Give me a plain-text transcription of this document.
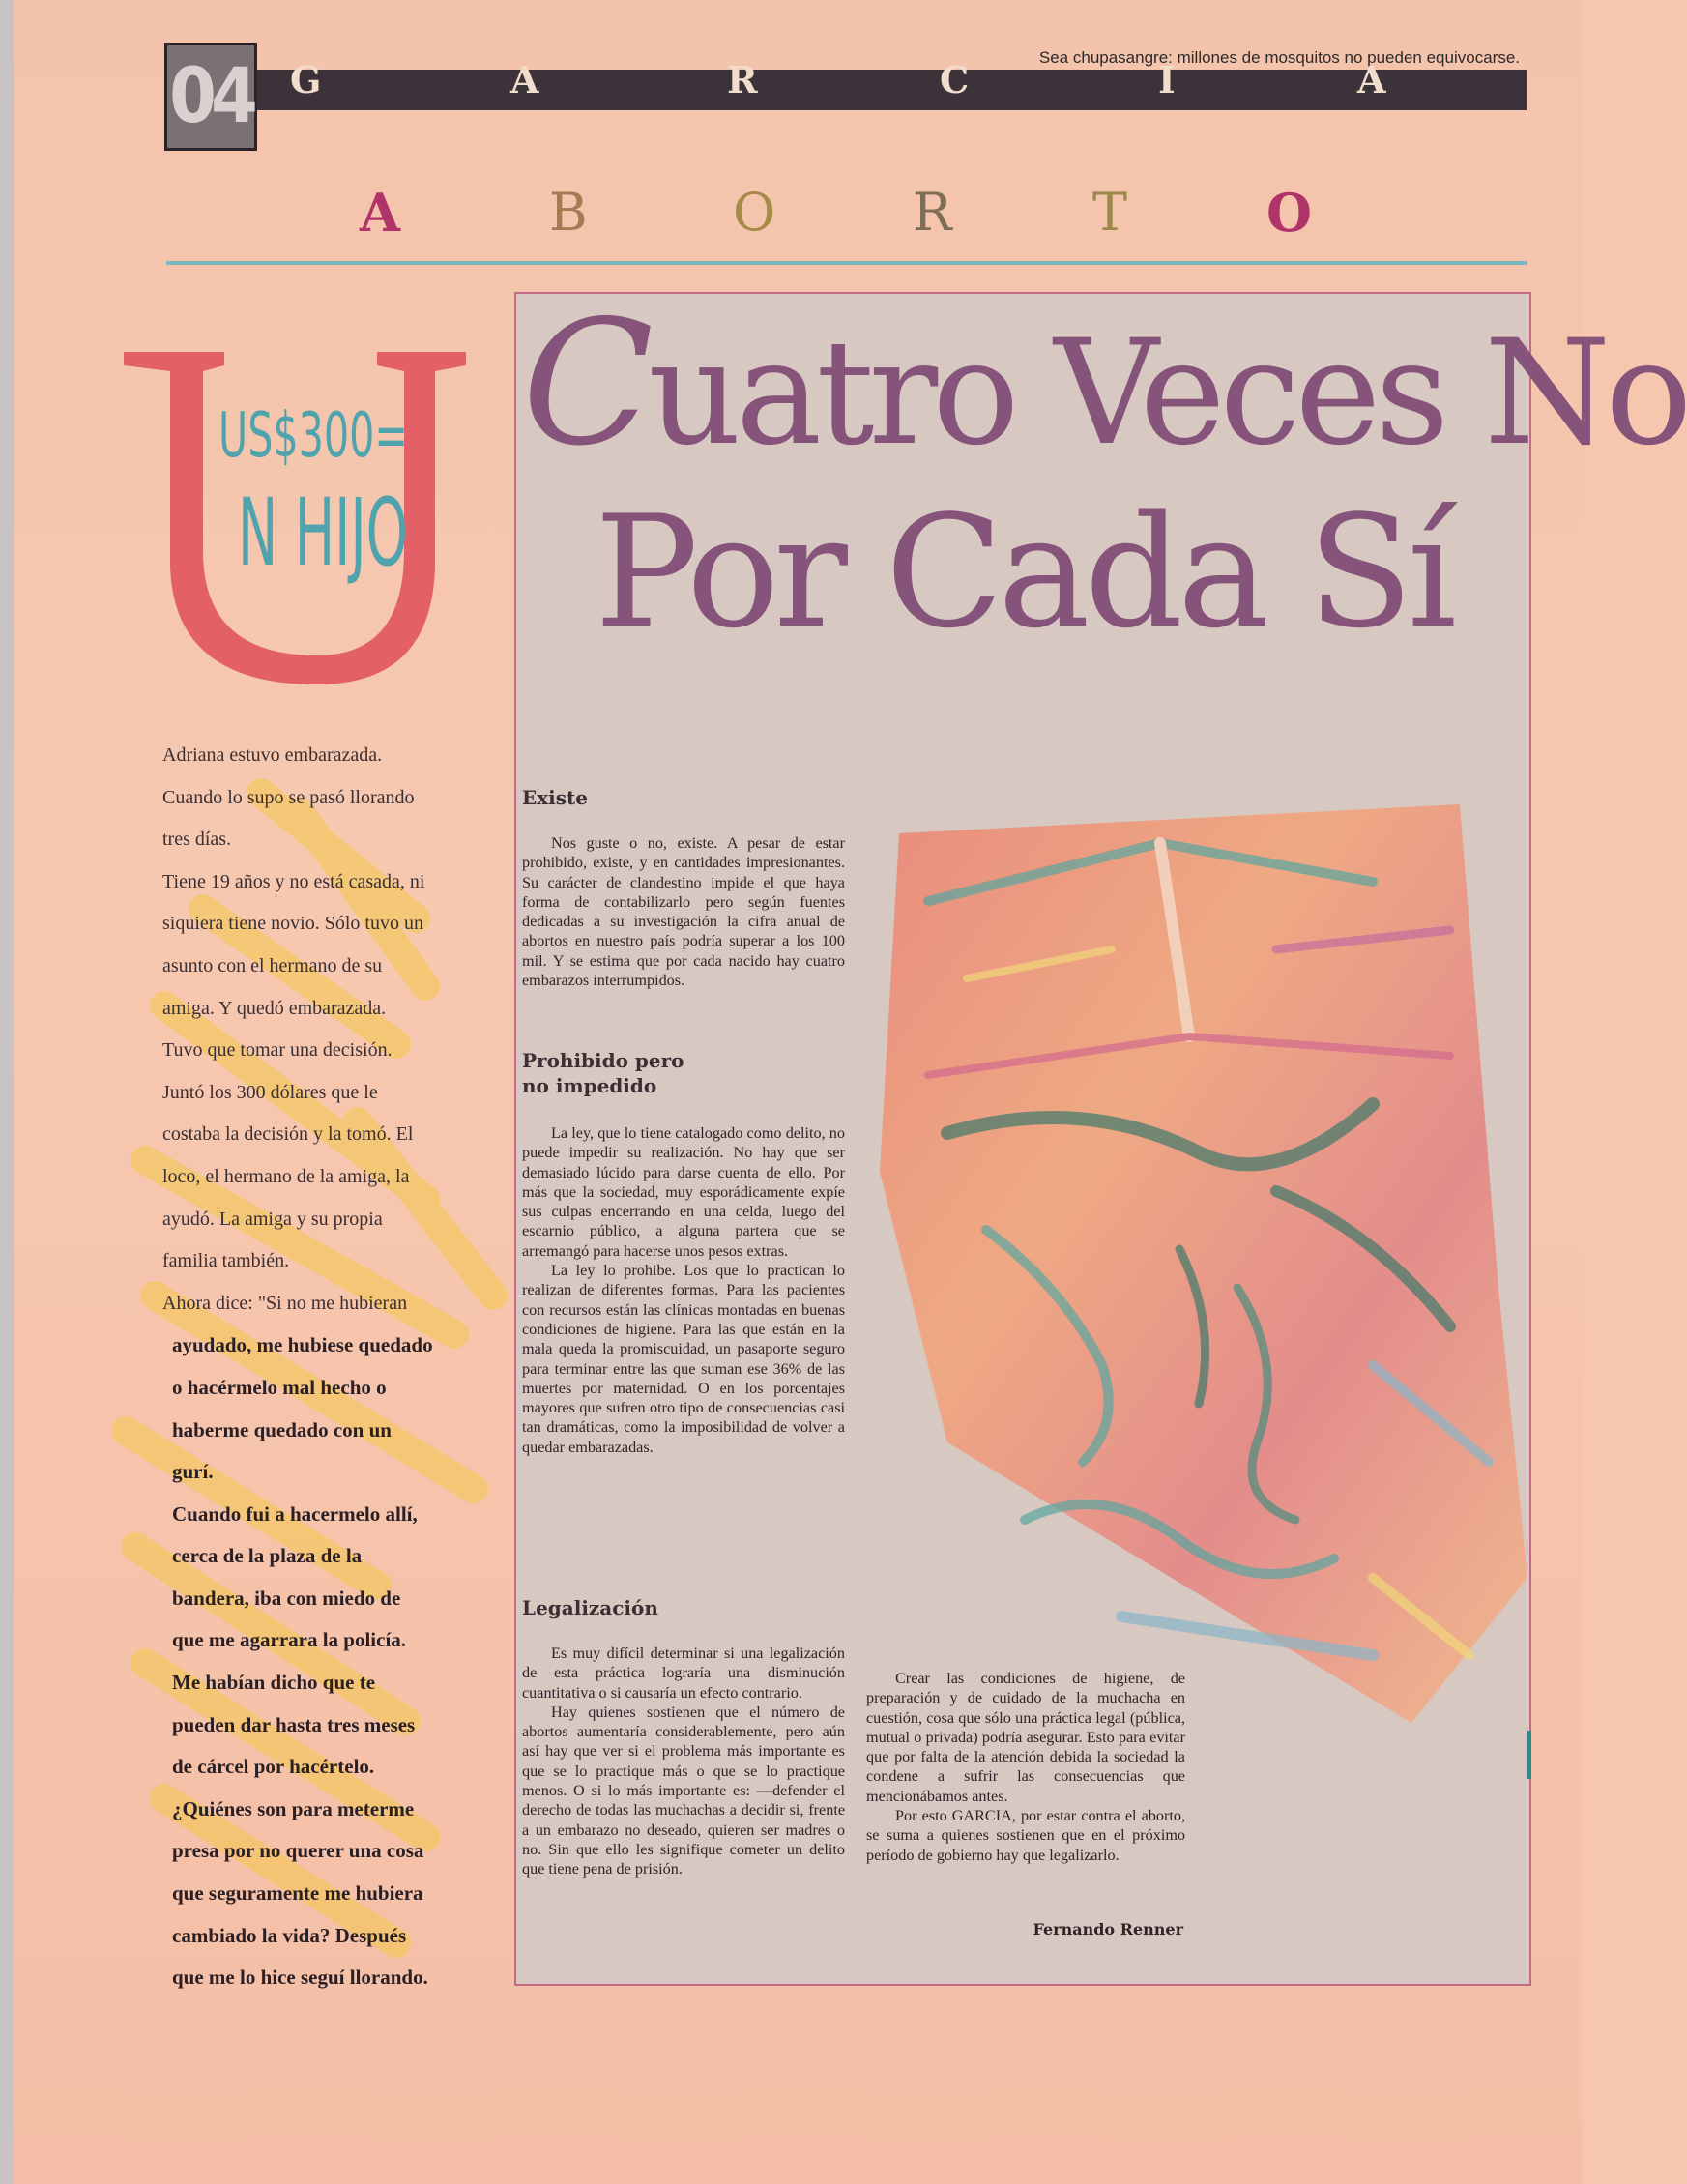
04	Sea chupasangre: millones de mosquitos no pueden equivocarse.
G	A	R	C	I	A
A	B	O	R	T	O
US$300=
N HIJO
Adriana estuvo embarazada.
Cuando lo supo se pasó llorando
tres días.
Tiene 19 años y no está casada, ni
siquiera tiene novio. Sólo tuvo un
asunto con el hermano de su
amiga. Y quedó embarazada.
Tuvo que tomar una decisión.
Juntó los 300 dólares que le
costaba la decisión y la tomó. El
loco, el hermano de la amiga, la
ayudó. La amiga y su propia
familia también.
Ahora dice: "Si no me hubieran
ayudado, me hubiese quedado
o hacérmelo mal hecho o
haberme quedado con un
gurí.
Cuando fui a hacermelo allí,
cerca de la plaza de la
bandera, iba con miedo de
que me agarrara la policía.
Me habían dicho que te
pueden dar hasta tres meses
de cárcel por hacértelo.
¿Quiénes son para meterme
presa por no querer una cosa
que seguramente me hubiera
cambiado la vida? Después
que me lo hice seguí llorando.
Cuatro Veces No
Por Cada Sí
Existe

Nos guste o no, existe. A pesar de estar prohibido, existe, y en cantidades impresionantes. Su carácter de clandestino impide el que haya forma de contabilizarlo pero según fuentes dedicadas a su investigación la cifra anual de abortos en nuestro país podría superar a los 100 mil. Y se estima que por cada nacido hay cuatro embarazos interrumpidos.

Prohibido pero
no impedido

La ley, que lo tiene catalogado como delito, no puede impedir su realización. No hay que ser demasiado lúcido para darse cuenta de ello. Por más que la sociedad, muy esporádicamente expíe sus culpas encerrando en una celda, luego del escarnio público, a alguna partera que se arremangó para hacerse unos pesos extras.

La ley lo prohibe. Los que lo practican lo realizan de diferentes formas. Para las pacientes con recursos están las clínicas montadas en buenas condiciones de higiene. Para las que están en la mala queda la promiscuidad, un pasaporte seguro para terminar entre las que suman ese 36% de las muertes por maternidad. O en los porcentajes mayores que sufren otro tipo de consecuencias casi tan dramáticas, como la imposibilidad de volver a quedar embarazadas.

Legalización

Es muy difícil determinar si una legalización de esta práctica lograría una disminución cuantitativa o si causaría un efecto contrario.

Hay quienes sostienen que el número de abortos aumentaría considerablemente, pero aún así hay que ver si el problema más importante es que se lo practique más o que se lo practique menos. O si lo más importante es: —defender el derecho de todas las muchachas a decidir si, frente a un embarazo no deseado, quieren ser madres o no. Sin que ello les signifique cometer un delito que tiene pena de prisión.

Crear las condiciones de higiene, de preparación y de cuidado de la muchacha en cuestión, cosa que sólo una práctica legal (pública, mutual o privada) podría asegurar. Esto para evitar que por falta de la atención debida la sociedad la condene a sufrir las consecuencias que mencionábamos antes.

Por esto GARCIA, por estar contra el aborto, se suma a quienes sostienen que en el próximo período de gobierno hay que legalizarlo.

Fernando Renner
